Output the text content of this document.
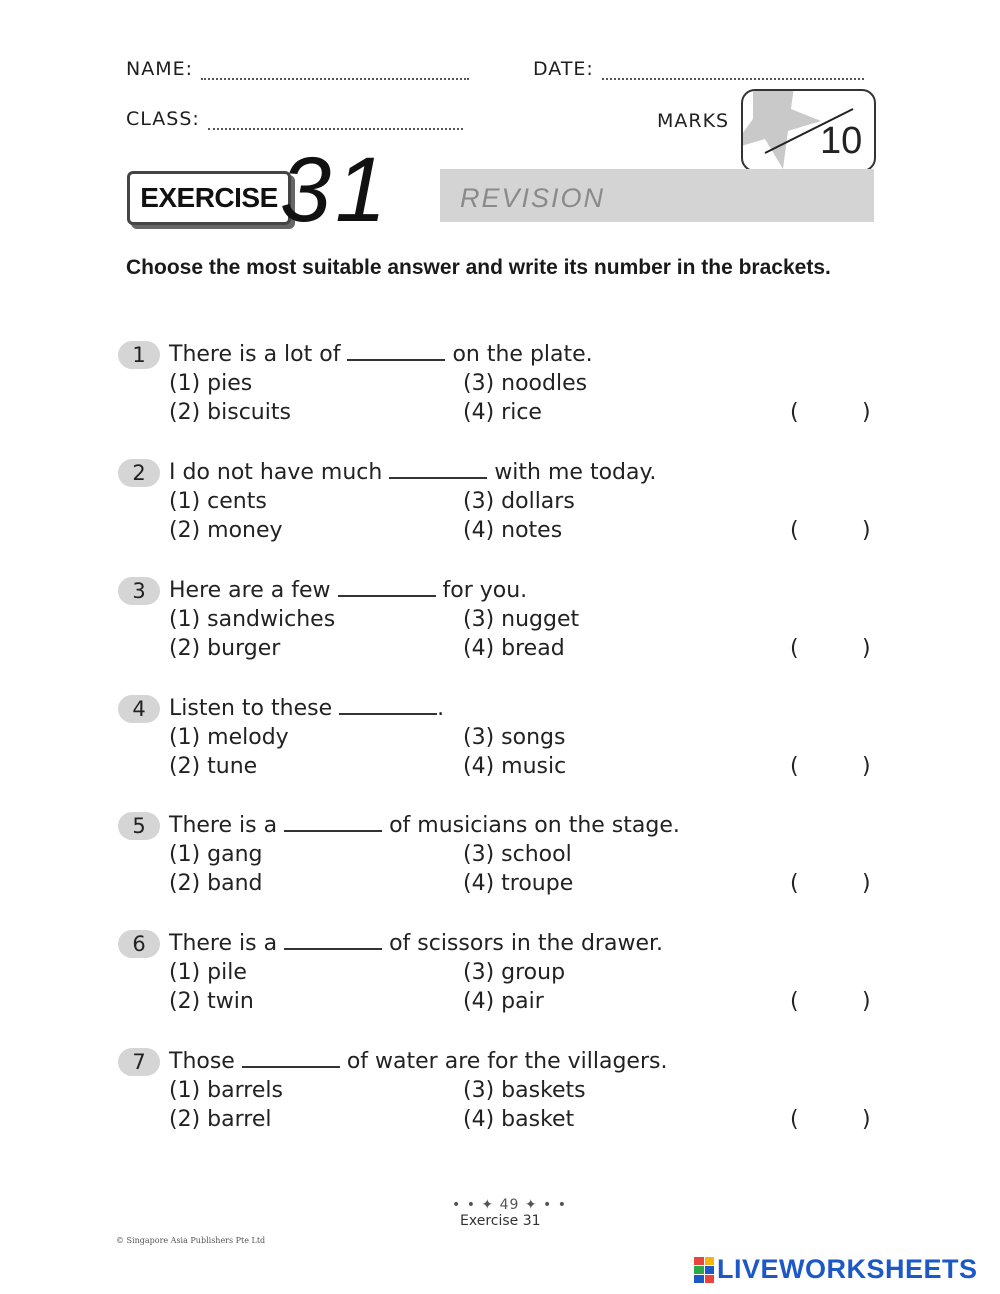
NAME:	DATE:
CLASS:	MARKS 10
EXERCISE 31	REVISION
Choose the most suitable answer and write its number in the brackets.
1	There is a lot of	on the plate.
(1) pies
(2) biscuits
(3) noodles
(4) rice	(	)
2	I do not have much	with me today.
(1) cents
(2) money
(3) dollars
(4) notes	(	)
3	Here are a few	for you.
(1) sandwiches
(2) burger
(3) nugget
(4) bread	(	)
4	Listen to these	.
(1) melody
(2) tune
(3) songs
(4) music	(	)
5	There is a	of musicians on the stage.
(1) gang
(2) band
(3) school
(4) troupe	(	)
6	There is a	of scissors in the drawer.
(1) pile
(2) twin
(3) group
(4) pair	(	)
7	Those	of water are for the villagers.
(1) barrels
(2) barrel
(3) baskets
(4) basket	(	)
• • ✦ 49 ✦ • •
Exercise 31
© Singapore Asia Publishers Pte Ltd
LIVEWORKSHEETS
